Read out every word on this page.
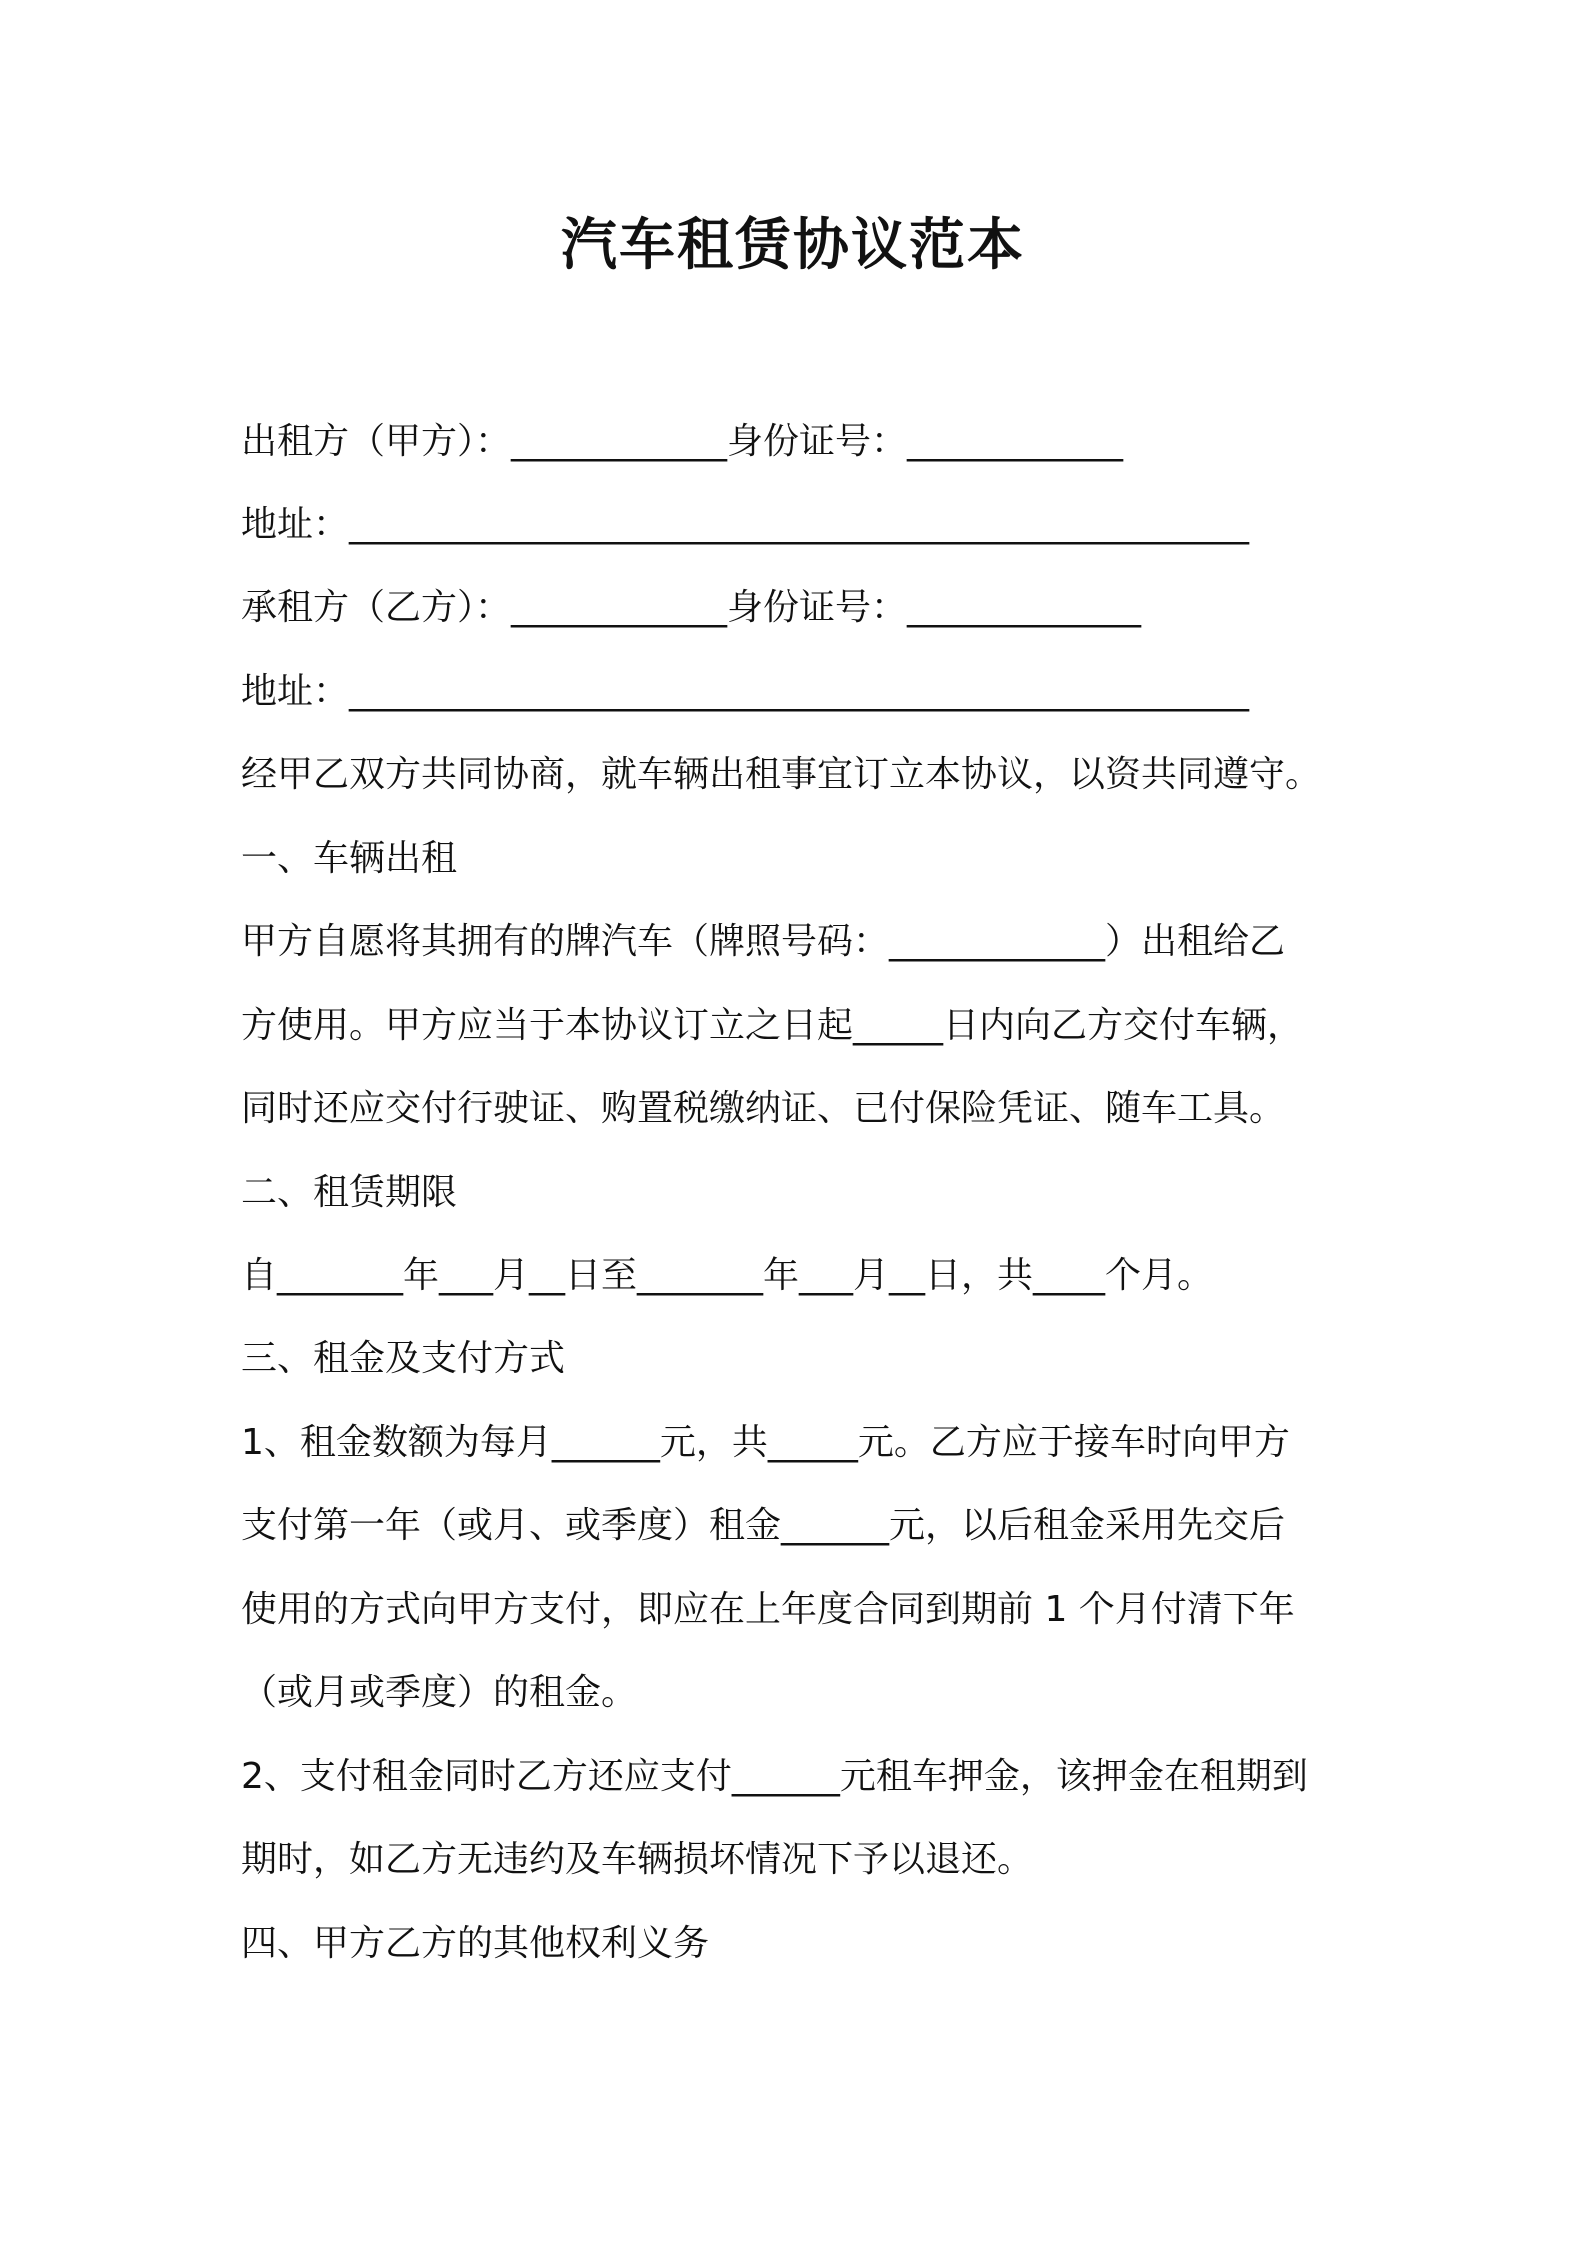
汽车租赁协议范本
出租方（甲方）：____________身份证号：____________
地址：__________________________________________________
承租方（乙方）：____________身份证号：_____________
地址：__________________________________________________
经甲乙双方共同协商，就车辆出租事宜订立本协议，以资共同遵守。
一、车辆出租
甲方自愿将其拥有的牌汽车（牌照号码：____________）出租给乙
方使用。甲方应当于本协议订立之日起_____日内向乙方交付车辆，
同时还应交付行驶证、购置税缴纳证、已付保险凭证、随车工具。
二、租赁期限
自_______年___月__日至_______年___月__日，共____个月。
三、租金及支付方式
1、租金数额为每月______元，共_____元。乙方应于接车时向甲方
支付第一年（或月、或季度）租金______元，以后租金采用先交后
使用的方式向甲方支付，即应在上年度合同到期前 1 个月付清下年
（或月或季度）的租金。
2、支付租金同时乙方还应支付______元租车押金，该押金在租期到
期时，如乙方无违约及车辆损坏情况下予以退还。
四、甲方乙方的其他权利义务
